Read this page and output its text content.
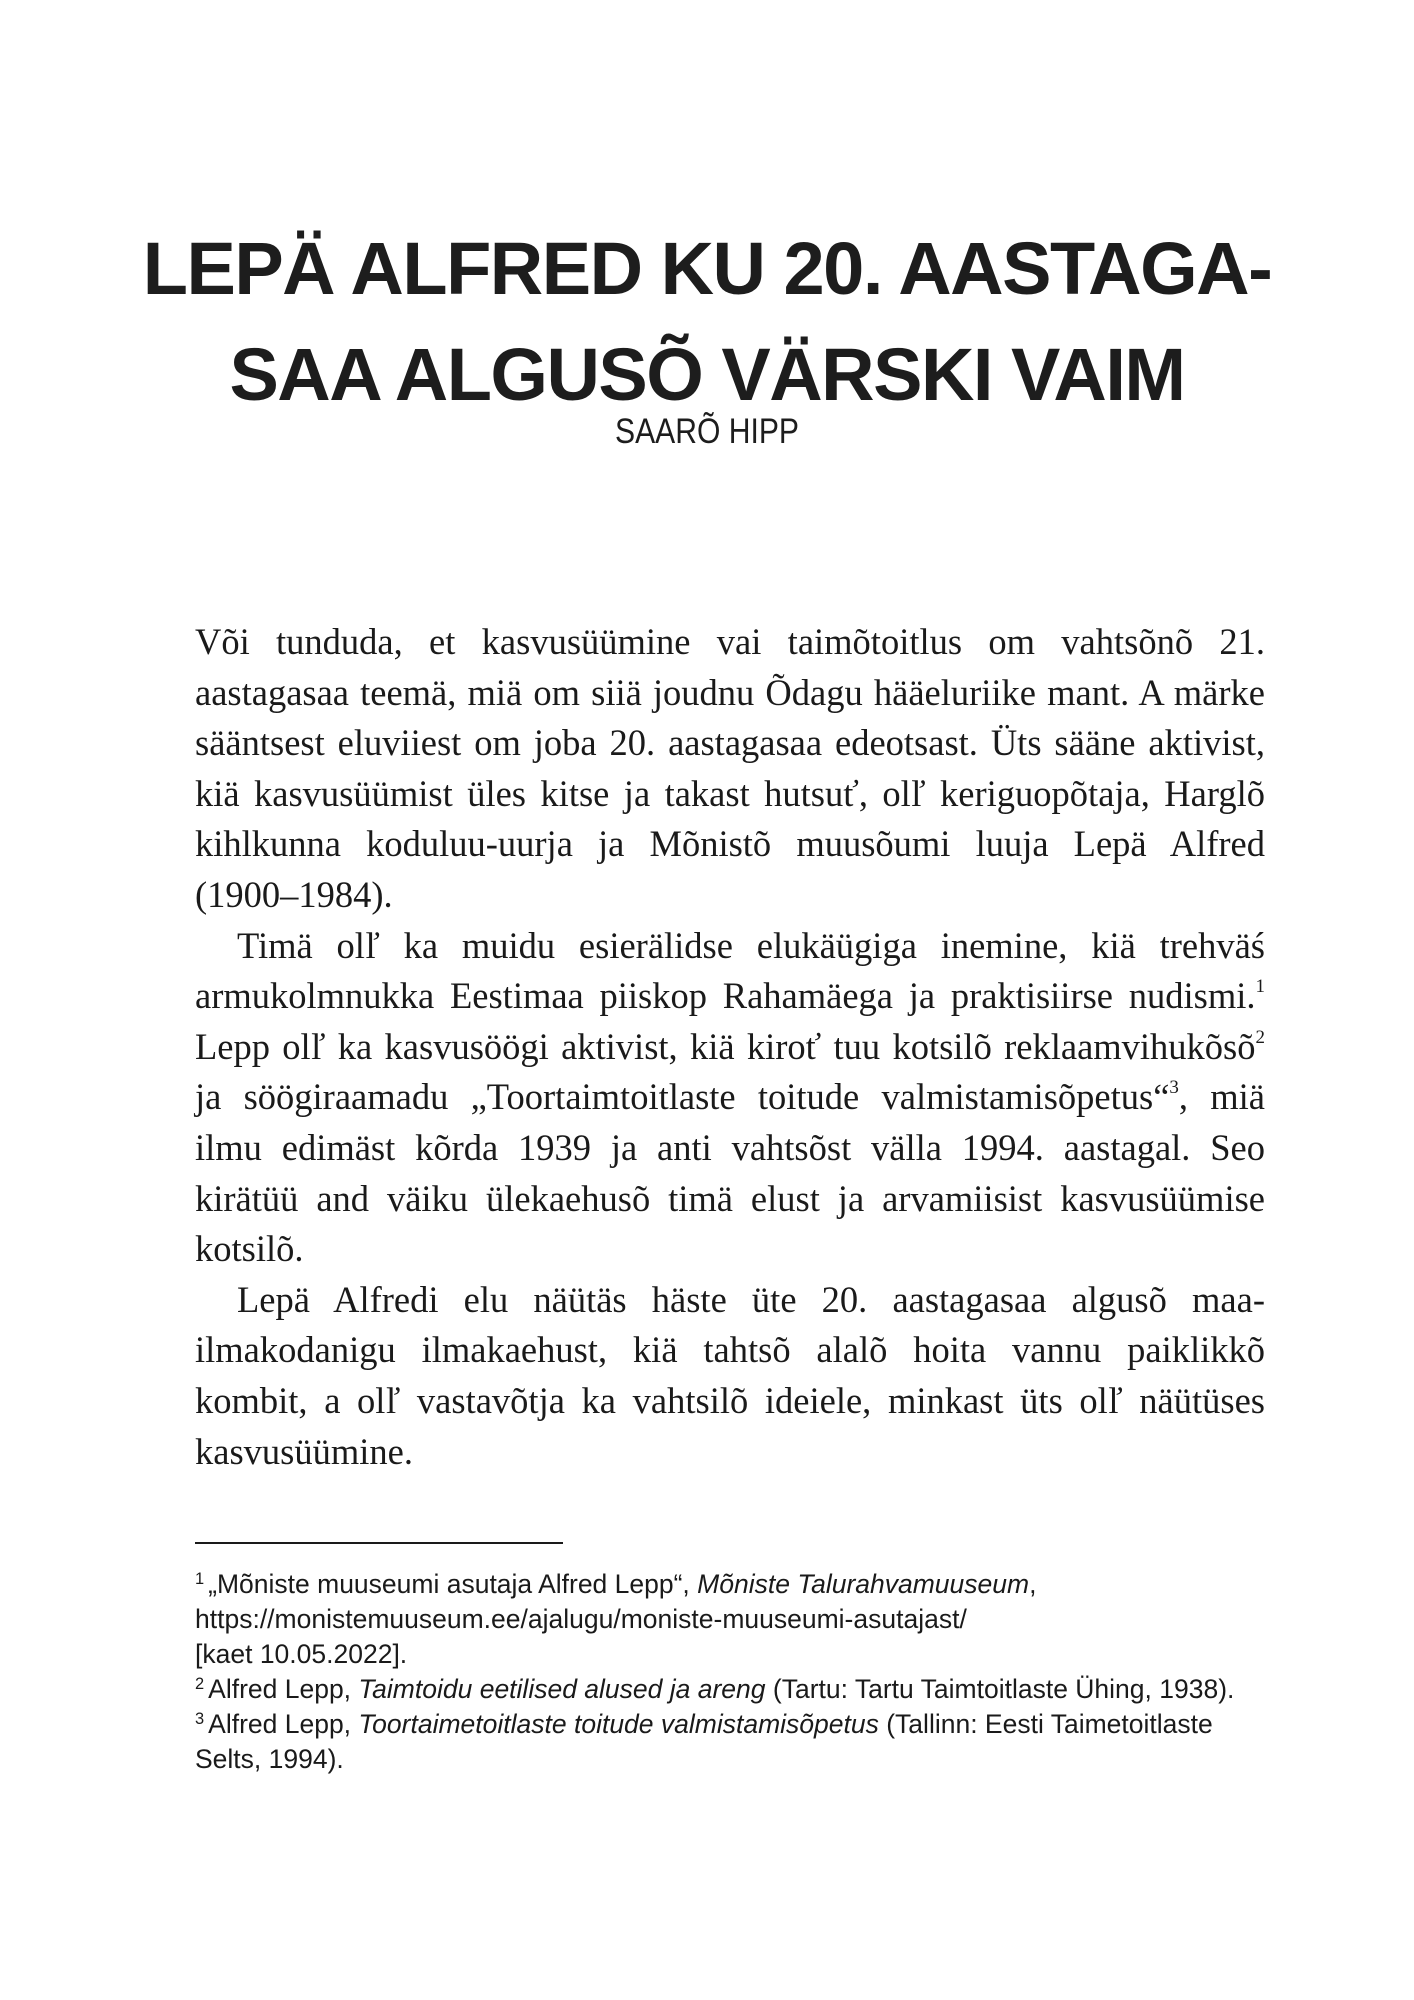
LEPÄ ALFRED KU 20. AASTAGA-
SAA ALGUSÕ VÄRSKI VAIM
SAARÕ HIPP

Või tunduda, et kasvusüümine vai taimõtoitlus om vahtsõnõ 21. aastagasaa teemä, miä om siiä joudnu Õdagu hääeluriike mant. A märke sääntsest eluviiest om joba 20. aastagasaa edeotsast. Üts sääne aktivist, kiä kasvusüümist üles kitse ja takast hutsuť, olľ keriguopõtaja, Harglõ kihlkunna koduluu-uurja ja Mõnistõ muusõumi luuja Lepä Alfred (1900–1984).

Timä olľ ka muidu esierälidse elukäügiga inemine, kiä trehväś armukolmnukka Eestimaa piiskop Rahamäega ja praktisiirse nudismi.$^1$ Lepp olľ ka kasvusöögi aktivist, kiä kiroť tuu kotsilõ reklaamvihukõsõ$^2$ ja söögiraamadu „Toortaimtoitlaste toitude valmistamisõpetus“$^3$, miä ilmu edimäst kõrda 1939 ja anti vahtsõst välla 1994. aastagal. Seo kirätüü and väiku ülekaehusõ timä elust ja arvamiisist kasvusüümise kotsilõ.

Lepä Alfredi elu näütäs häste üte 20. aastagasaa algusõ maailmakodanigu ilmakaehust, kiä tahtsõ alalõ hoita vannu paiklikkõ kombit, a olľ vastavõtja ka vahtsilõ ideiele, minkast üts olľ näütüses kasvusüümine.

$^1$ „Mõniste muuseumi asutaja Alfred Lepp“, Mõniste Talurahvamuuseum,
https://monistemuuseum.ee/ajalugu/moniste-muuseumi-asutajast/
[kaet 10.05.2022].

$^2$ Alfred Lepp, Taimtoidu eetilised alused ja areng (Tartu: Tartu Taimtoitlaste Ühing, 1938).

$^3$ Alfred Lepp, Toortaimetoitlaste toitude valmistamisõpetus (Tallinn: Eesti Taimetoitlaste Selts, 1994).
